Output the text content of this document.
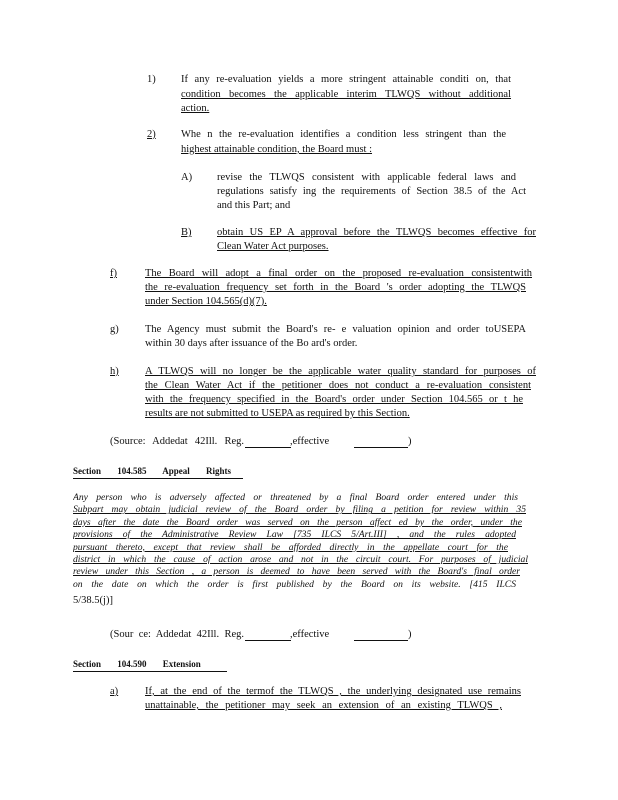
1) If any re-evaluation yields a more stringent attainable conditi on, that
condition becomes the applicable interim TLWQS without additional
action.
2) Whe n the re-evaluation identifies a condition less stringent than the
highest attainable condition, the Board must :
A) revise the TLWQS consistent with applicable federal laws and
regulations satisfy ing the requirements of Section 38.5 of the Act
and this Part; and
B) obtain US EP A approval before the TLWQS becomes effective for
Clean Water Act purposes.
f)	The Board will adopt a final order on the proposed re-evaluation consistentwith
the re-evaluation frequency set forth in the Board 's order adopting the TLWQS
under Section 104.565(d)(7).
g)	The Agency must submit the Board's re- e valuation opinion and order toUSEPA
within 30 days after issuance of the Bo ard's order.
h)	A TLWQS will no longer be the applicable water quality standard for purposes of
the Clean Water Act if the petitioner does not conduct a re-evaluation consistent
with the frequency specified in the Board's order under Section 104.565 or t he
results are not submitted to USEPA as required by this Section.
(Source: Addedat 42Ill. Reg.	,effective	)
Section 104.585 Appeal Rights
Any person who is adversely affected or threatened by a final Board order entered under this
Subpart may obtain judicial review of the Board order by filing a petition for review within 35
days after the date the Board order was served on the person affect ed by the order, under the
provisions of the Administrative Review Law [735 ILCS 5/Art.III] , and the rules adopted
pursuant thereto, except that review shall be afforded directly in the appellate court for the
district in which the cause of action arose and not in the circuit court. For purposes of judicial
review under this Section , a person is deemed to have been served with the Board's final order
on the date on which the order is first published by the Board on its website. [415 ILCS
5/38.5(j)]
(Sour ce: Addedat 42Ill. Reg.	,effective	)
Section 104.590 Extension
a)	If, at the end of the termof the TLWQS , the underlying designated use remains
unattainable, the petitioner may seek an extension of an existing TLWQS ,
